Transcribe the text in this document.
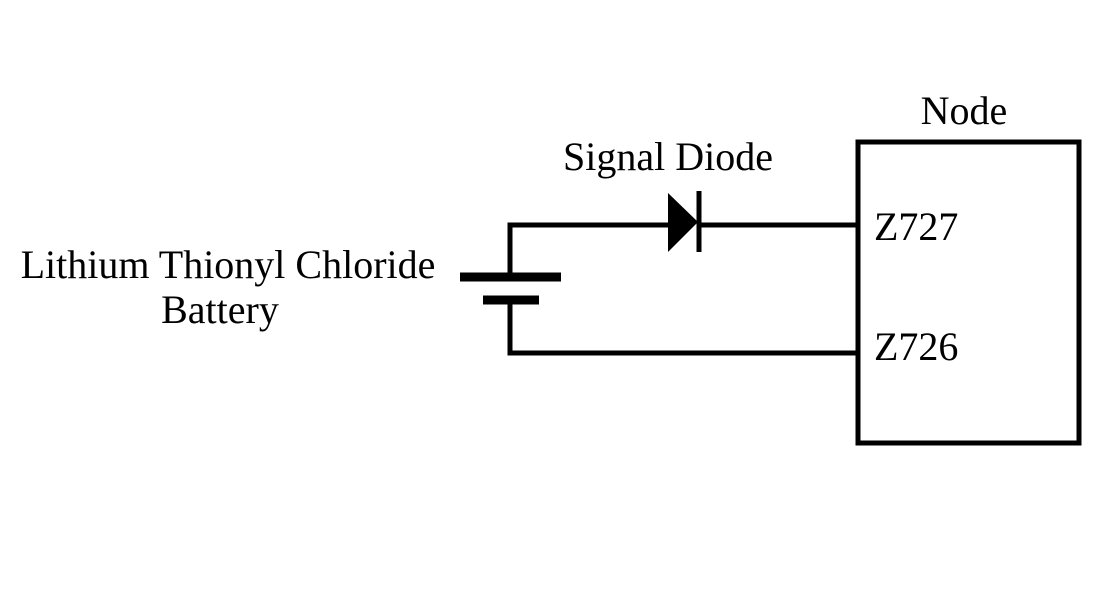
Lithium Thionyl Chloride
Battery
Signal Diode
Node
Z727
Z726
